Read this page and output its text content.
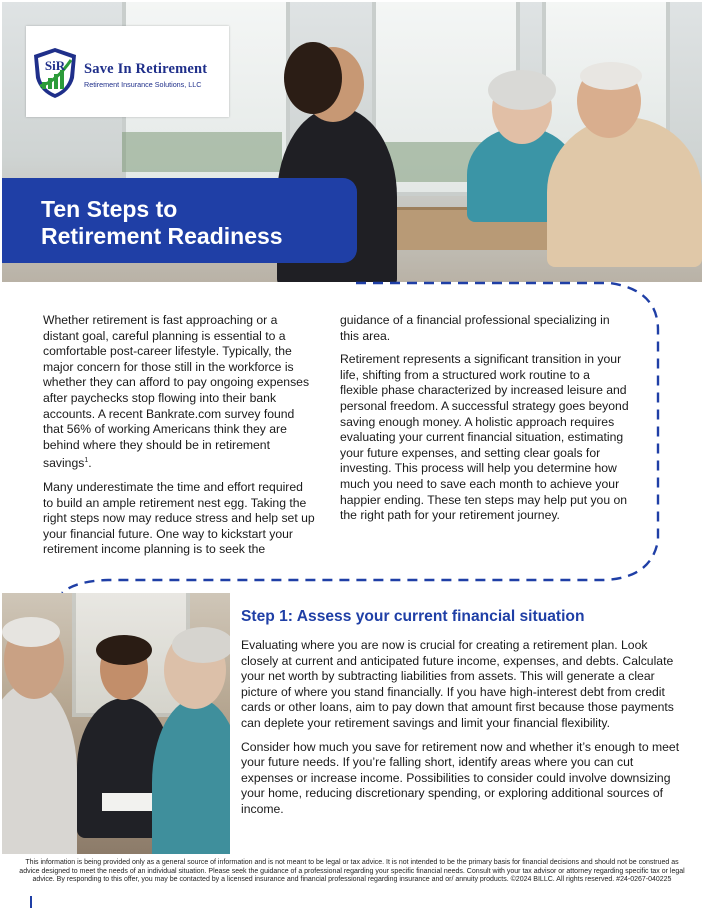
SiR Save In Retirement
Retirement Insurance Solutions, LLC
Ten Steps to
Retirement Readiness

Whether retirement is fast approaching or a distant goal, careful planning is essential to a comfortable post-career lifestyle. Typically, the major concern for those still in the workforce is whether they can afford to pay ongoing expenses after paychecks stop flowing into their bank accounts. A recent Bankrate.com survey found that 56% of working Americans think they are behind where they should be in retirement savings$^1$.

Many underestimate the time and effort required to build an ample retirement nest egg. Taking the right steps now may reduce stress and help set up your financial future. One way to kickstart your retirement income planning is to seek the

guidance of a financial professional specializing in this area.

Retirement represents a significant transition in your life, shifting from a structured work routine to a flexible phase characterized by increased leisure and personal freedom. A successful strategy goes beyond saving enough money. A holistic approach requires evaluating your current financial situation, estimating your future expenses, and setting clear goals for investing. This process will help you determine how much you need to save each month to achieve your happier ending. These ten steps may help put you on the right path for your retirement journey.

Step 1: Assess your current financial situation

Evaluating where you are now is crucial for creating a retirement plan. Look closely at current and anticipated future income, expenses, and debts. Calculate your net worth by subtracting liabilities from assets. This will generate a clear picture of where you stand financially. If you have high-interest debt from credit cards or other loans, aim to pay down that amount first because those payments can deplete your retirement savings and limit your financial flexibility.

Consider how much you save for retirement now and whether it’s enough to meet your future needs. If you’re falling short, identify areas where you can cut expenses or increase income. Possibilities to consider could involve downsizing your home, reducing discretionary spending, or exploring additional sources of income.

This information is being provided only as a general source of information and is not meant to be legal or tax advice. It is not intended to be the primary basis for financial decisions and should not be construed as advice designed to meet the needs of an individual situation. Please seek the guidance of a professional regarding your specific financial needs. Consult with your tax advisor or attorney regarding specific tax or legal advice. By responding to this offer, you may be contacted by a licensed insurance and financial professional regarding insurance and or/ annuity products. ©2024 BILLC. All rights reserved. #24-0267-040225
